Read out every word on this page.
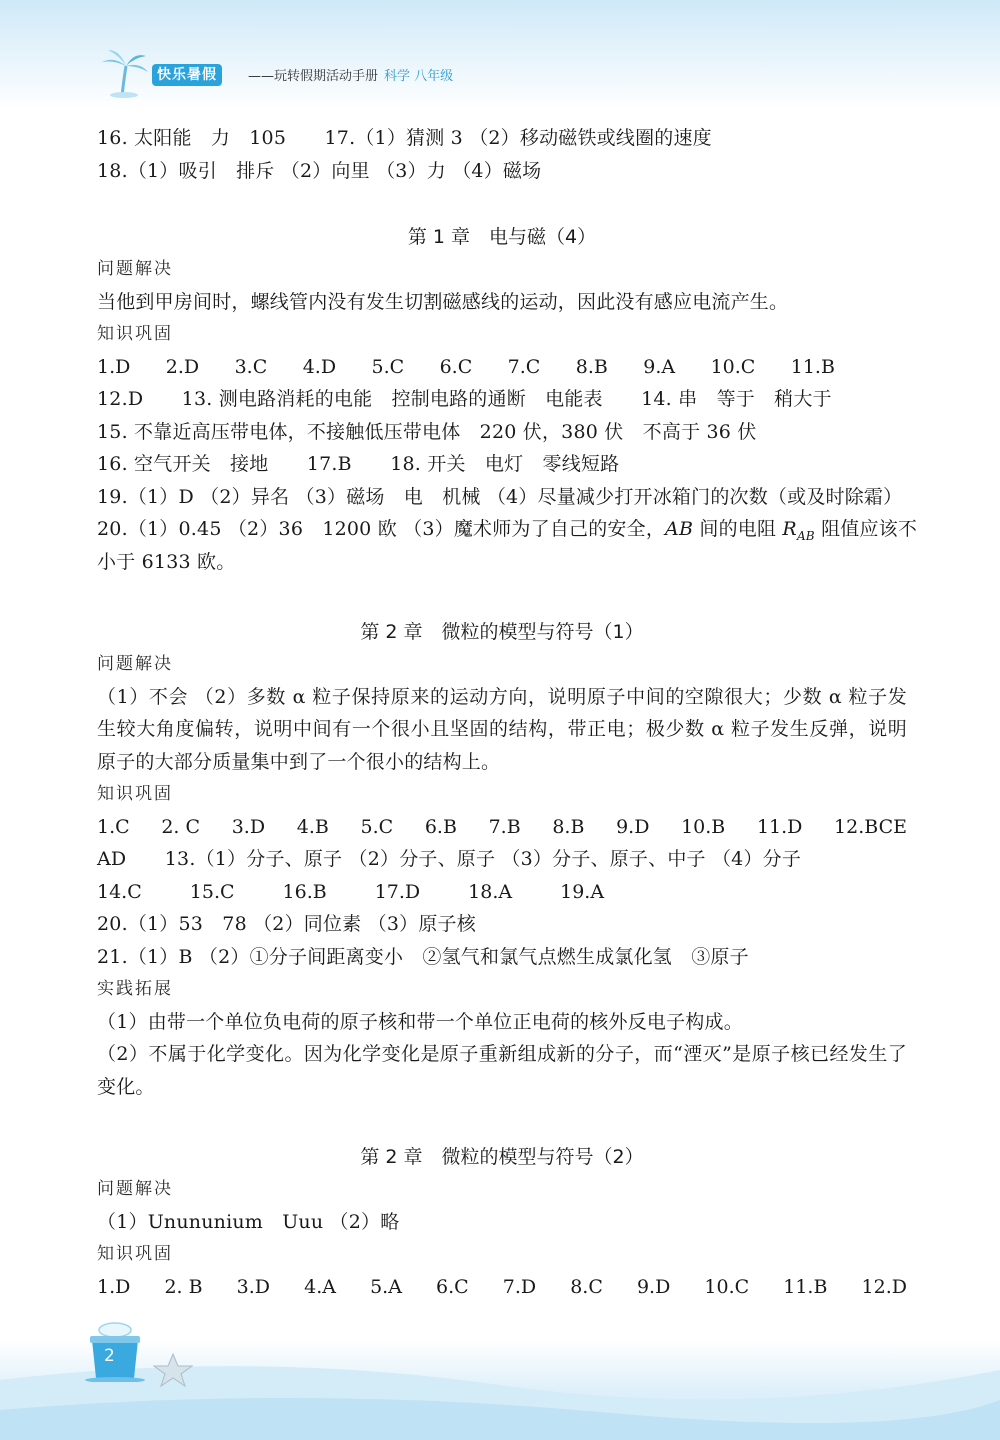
快乐暑假	——玩转假期活动手册 科学 八年级
16. 太阳能　力　105　　17.（1）猜测 3 （2）移动磁铁或线圈的速度
18.（1）吸引　排斥 （2）向里 （3）力 （4）磁场
第 1 章　电与磁（4）
问题解决
当他到甲房间时，螺线管内没有发生切割磁感线的运动，因此没有感应电流产生。
知识巩固
1.D 2.D 3.C 4.D 5.C 6.C 7.C 8.B 9.A 10.C 11.B
12.D　　13. 测电路消耗的电能　控制电路的通断　电能表　　14. 串　等于　稍大于
15. 不靠近高压带电体，不接触低压带电体　220 伏，380 伏　不高于 36 伏
16. 空气开关　接地　　17.B　　18. 开关　电灯　零线短路
19.（1）D （2）异名 （3）磁场　电　机械 （4）尽量减少打开冰箱门的次数（或及时除霜）
20.（1）0.45 （2）36　1200 欧 （3）魔术师为了自己的安全，AB 间的电阻 $R_{AB}$ 阻值应该不
小于 6133 欧。
第 2 章　微粒的模型与符号（1）
问题解决
（1）不会 （2）多数 α 粒子保持原来的运动方向，说明原子中间的空隙很大；少数 α 粒子发生较大角度偏转，说明中间有一个很小且坚固的结构，带正电；极少数 α 粒子发生反弹，说明原子的大部分质量集中到了一个很小的结构上。
知识巩固
1.C 2. C 3.D 4.B 5.C 6.B 7.B 8.B 9.D 10.B 11.D 12.BCE
AD　　13.（1）分子、原子 （2）分子、原子 （3）分子、原子、中子 （4）分子
14.C	15.C	16.B	17.D	18.A	19.A
20.（1）53　78 （2）同位素 （3）原子核
21.（1）B （2）①分子间距离变小　②氢气和氯气点燃生成氯化氢　③原子
实践拓展
（1）由带一个单位负电荷的原子核和带一个单位正电荷的核外反电子构成。
（2）不属于化学变化。因为化学变化是原子重新组成新的分子，而“湮灭”是原子核已经发生了变化。
第 2 章　微粒的模型与符号（2）
问题解决
（1）Unununium　Uuu （2）略
知识巩固
1.D 2. B 3.D 4.A 5.A 6.C 7.D 8.C 9.D 10.C 11.B 12.D
2
